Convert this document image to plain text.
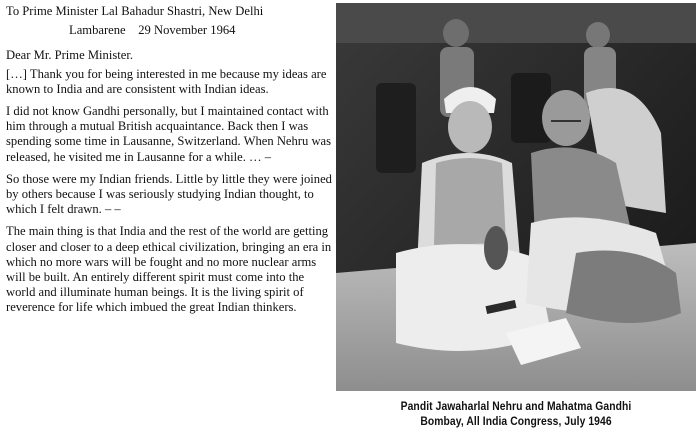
To Prime Minister Lal Bahadur Shastri, New Delhi

Lambarene    29 November 1964

Dear Mr. Prime Minister.

[…] Thank you for being interested in me because my ideas are known to India and are consistent with Indian ideas.

I did not know Gandhi personally, but I maintained contact with him through a mutual British acquaintance. Back then I was spending some time in Lausanne, Switzerland. When Nehru was released, he visited me in Lausanne for a while. … –

So those were my Indian friends. Little by little they were joined by others because I was seriously studying Indian thought, to which I felt drawn. – –

The main thing is that India and the rest of the world are getting closer and closer to a deep ethical civilization, bringing an era in which no more wars will be fought and no more nuclear arms will be built. An entirely different spirit must come into the world and illuminate human beings. It is the living spirit of reverence for life which imbued the great Indian thinkers.

Pandit Jawaharlal Nehru and Mahatma Gandhi
Bombay, All India Congress, July 1946
